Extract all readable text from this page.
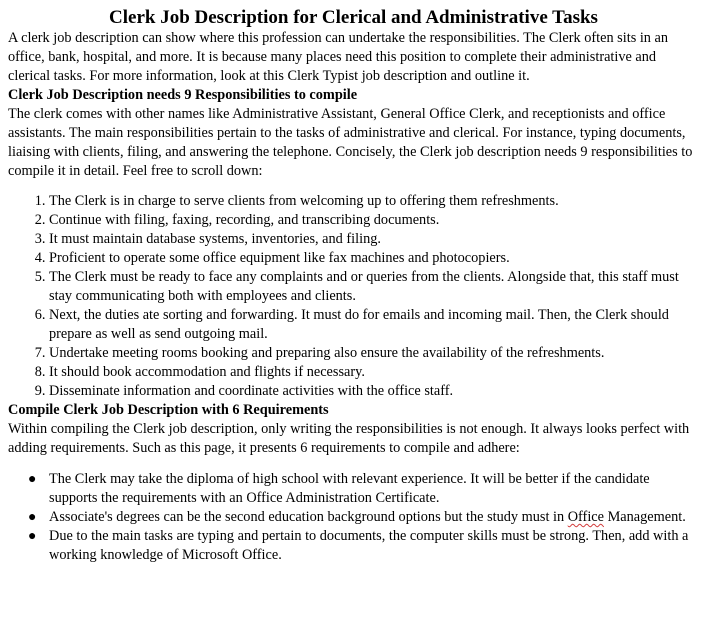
Clerk Job Description for Clerical and Administrative Tasks

A clerk job description can show where this profession can undertake the responsibilities. The Clerk often sits in an office, bank, hospital, and more. It is because many places need this position to complete their administrative and clerical tasks. For more information, look at this Clerk Typist job description and outline it.

Clerk Job Description needs 9 Responsibilities to compile

The clerk comes with other names like Administrative Assistant, General Office Clerk, and receptionists and office assistants. The main responsibilities pertain to the tasks of administrative and clerical. For instance, typing documents, liaising with clients, filing, and answering the telephone. Concisely, the Clerk job description needs 9 responsibilities to compile it in detail. Feel free to scroll down:

1. The Clerk is in charge to serve clients from welcoming up to offering them refreshments.
2. Continue with filing, faxing, recording, and transcribing documents.
3. It must maintain database systems, inventories, and filing.
4. Proficient to operate some office equipment like fax machines and photocopiers.
5. The Clerk must be ready to face any complaints and or queries from the clients. Alongside that, this staff must stay communicating both with employees and clients.
6. Next, the duties ate sorting and forwarding. It must do for emails and incoming mail. Then, the Clerk should prepare as well as send outgoing mail.
7. Undertake meeting rooms booking and preparing also ensure the availability of the refreshments.
8. It should book accommodation and flights if necessary.
9. Disseminate information and coordinate activities with the office staff.
Compile Clerk Job Description with 6 Requirements

Within compiling the Clerk job description, only writing the responsibilities is not enough. It always looks perfect with adding requirements. Such as this page, it presents 6 requirements to compile and adhere:

● The Clerk may take the diploma of high school with relevant experience. It will be better if the candidate supports the requirements with an Office Administration Certificate.
● Associate's degrees can be the second education background options but the study must in Office Management.
● Due to the main tasks are typing and pertain to documents, the computer skills must be strong. Then, add with a working knowledge of Microsoft Office.
